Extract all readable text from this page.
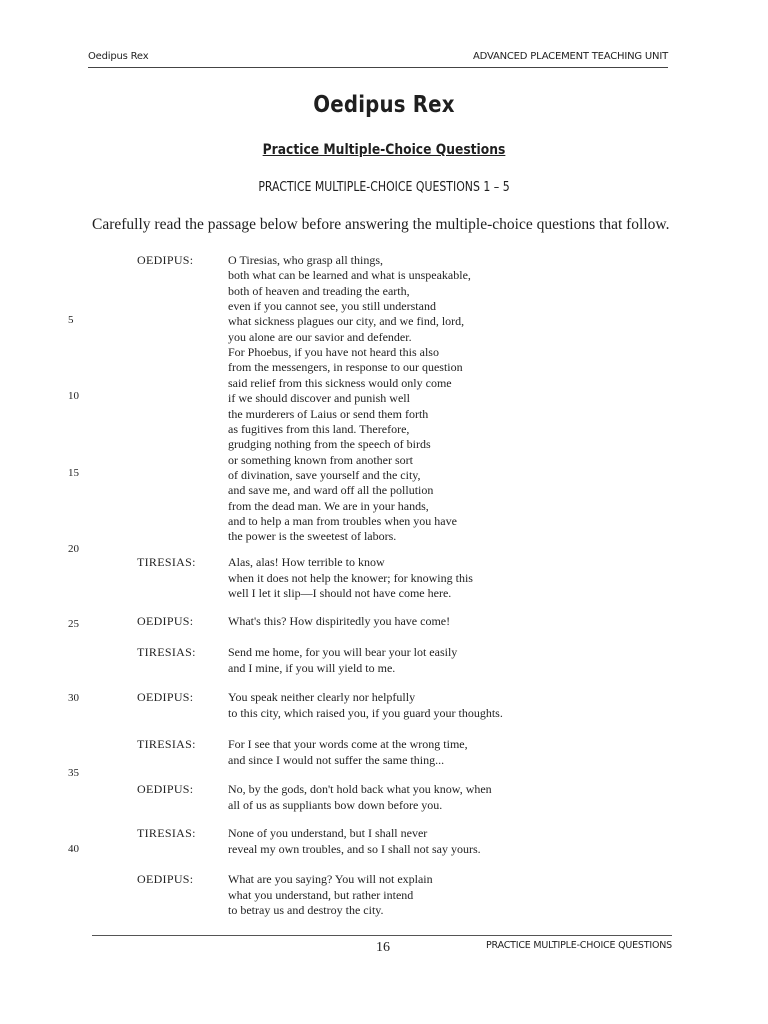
Oedipus Rex	ADVANCED PLACEMENT TEACHING UNIT
Oedipus Rex
Practice Multiple-Choice Questions
PRACTICE MULTIPLE-CHOICE QUESTIONS 1 – 5
Carefully read the passage below before answering the multiple-choice questions that follow.
OEDIPUS:	O Tiresias, who grasp all things,
both what can be learned and what is unspeakable,
both of heaven and treading the earth,
even if you cannot see, you still understand
what sickness plagues our city, and we find, lord,
you alone are our savior and defender.
For Phoebus, if you have not heard this also
from the messengers, in response to our question
said relief from this sickness would only come
if we should discover and punish well
the murderers of Laius or send them forth
as fugitives from this land. Therefore,
grudging nothing from the speech of birds
or something known from another sort
of divination, save yourself and the city,
and save me, and ward off all the pollution
from the dead man. We are in your hands,
and to help a man from troubles when you have
the power is the sweetest of labors.
TIRESIAS:	Alas, alas! How terrible to know
when it does not help the knower; for knowing this
well I let it slip—I should not have come here.
OEDIPUS:	What's this? How dispiritedly you have come!
TIRESIAS:	Send me home, for you will bear your lot easily
and I mine, if you will yield to me.
OEDIPUS:	You speak neither clearly nor helpfully
to this city, which raised you, if you guard your thoughts.
TIRESIAS:	For I see that your words come at the wrong time,
and since I would not suffer the same thing...
OEDIPUS:	No, by the gods, don't hold back what you know, when
all of us as suppliants bow down before you.
TIRESIAS:	None of you understand, but I shall never
reveal my own troubles, and so I shall not say yours.
OEDIPUS:	What are you saying? You will not explain
what you understand, but rather intend
to betray us and destroy the city.
5
10
15
20
25
30
35
40
16	PRACTICE MULTIPLE-CHOICE QUESTIONS
